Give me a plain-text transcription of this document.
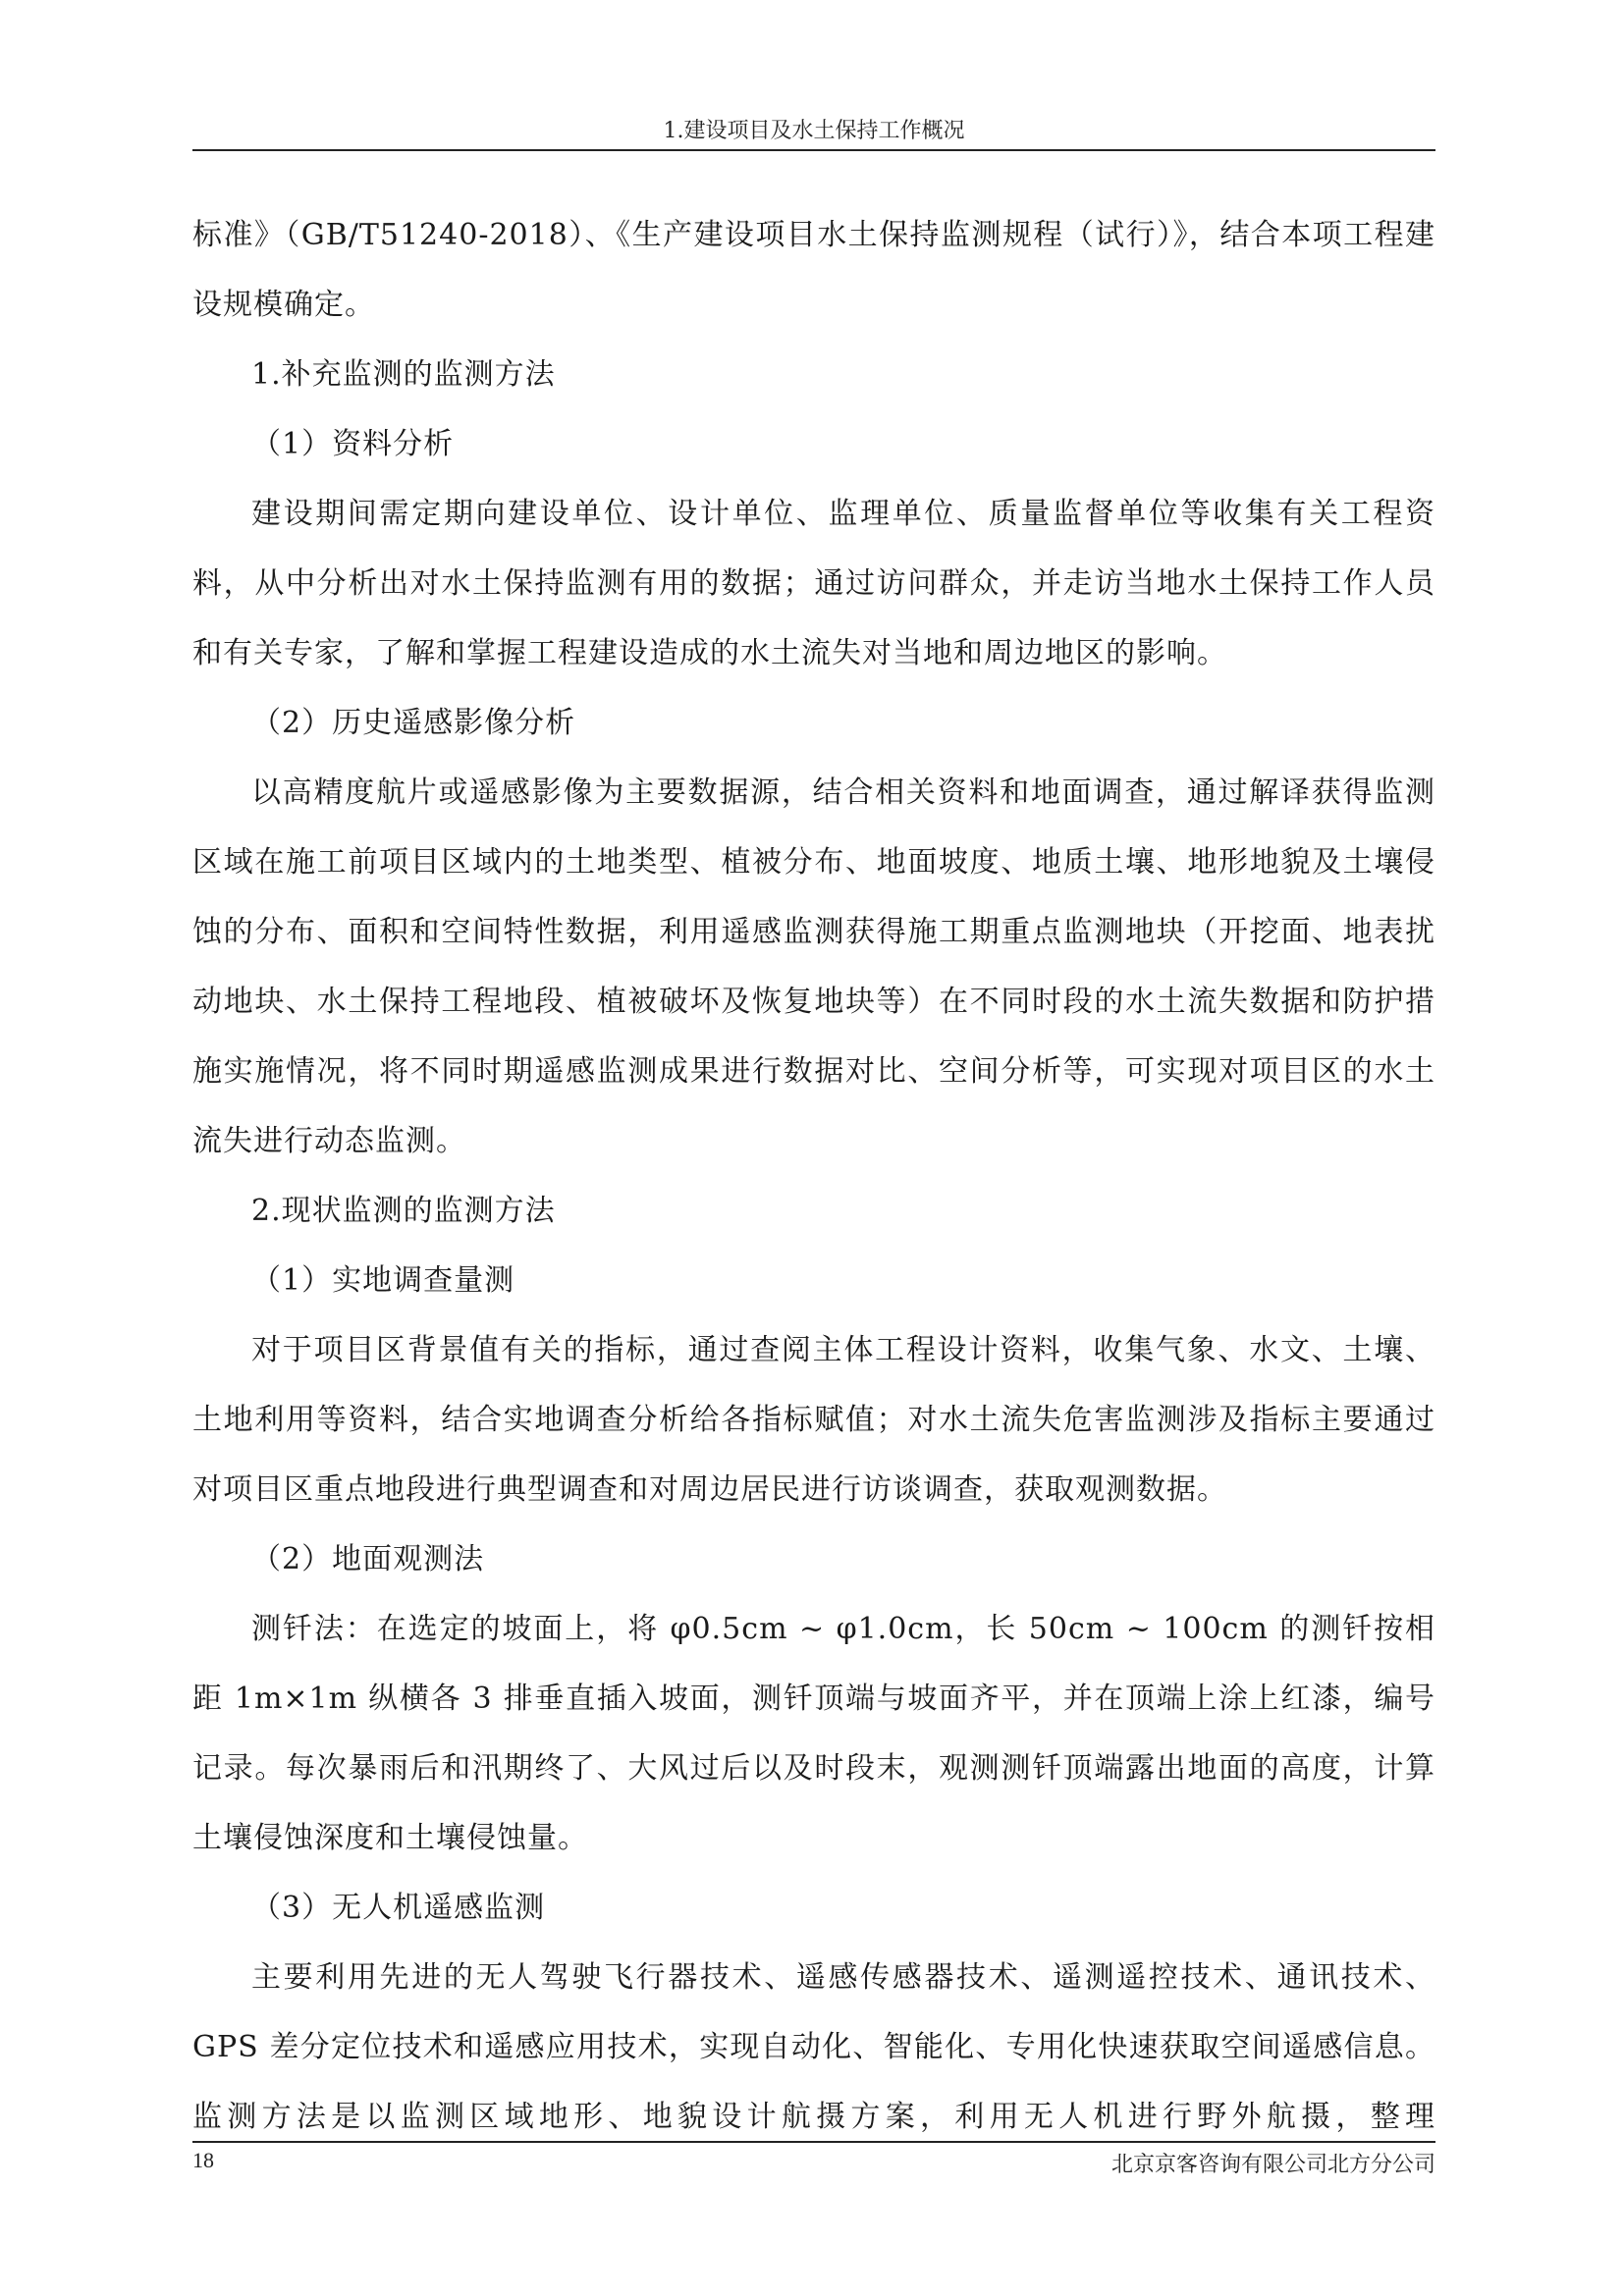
1.建设项目及水土保持工作概况

标准》（GB/T51240-2018）、《生产建设项目水土保持监测规程（试行）》，结合本项工程建设规模确定。

1.补充监测的监测方法

（1）资料分析

建设期间需定期向建设单位、设计单位、监理单位、质量监督单位等收集有关工程资料，从中分析出对水土保持监测有用的数据；通过访问群众，并走访当地水土保持工作人员和有关专家，了解和掌握工程建设造成的水土流失对当地和周边地区的影响。

（2）历史遥感影像分析

以高精度航片或遥感影像为主要数据源，结合相关资料和地面调查，通过解译获得监测区域在施工前项目区域内的土地类型、植被分布、地面坡度、地质土壤、地形地貌及土壤侵蚀的分布、面积和空间特性数据，利用遥感监测获得施工期重点监测地块（开挖面、地表扰动地块、水土保持工程地段、植被破坏及恢复地块等）在不同时段的水土流失数据和防护措施实施情况，将不同时期遥感监测成果进行数据对比、空间分析等，可实现对项目区的水土流失进行动态监测。

2.现状监测的监测方法

（1）实地调查量测

对于项目区背景值有关的指标，通过查阅主体工程设计资料，收集气象、水文、土壤、土地利用等资料，结合实地调查分析给各指标赋值；对水土流失危害监测涉及指标主要通过对项目区重点地段进行典型调查和对周边居民进行访谈调查，获取观测数据。

（2）地面观测法

测钎法：在选定的坡面上，将 φ0.5cm ~ φ1.0cm，长 50cm ~ 100cm 的测钎按相距 1m×1m 纵横各 3 排垂直插入坡面，测钎顶端与坡面齐平，并在顶端上涂上红漆，编号记录。每次暴雨后和汛期终了、大风过后以及时段末，观测测钎顶端露出地面的高度，计算土壤侵蚀深度和土壤侵蚀量。

（3）无人机遥感监测

主要利用先进的无人驾驶飞行器技术、遥感传感器技术、遥测遥控技术、通讯技术、GPS 差分定位技术和遥感应用技术，实现自动化、智能化、专用化快速获取空间遥感信息。监测方法是以监测区域地形、地貌设计航摄方案，利用无人机进行野外航摄，整理

18	北京京客咨询有限公司北方分公司
